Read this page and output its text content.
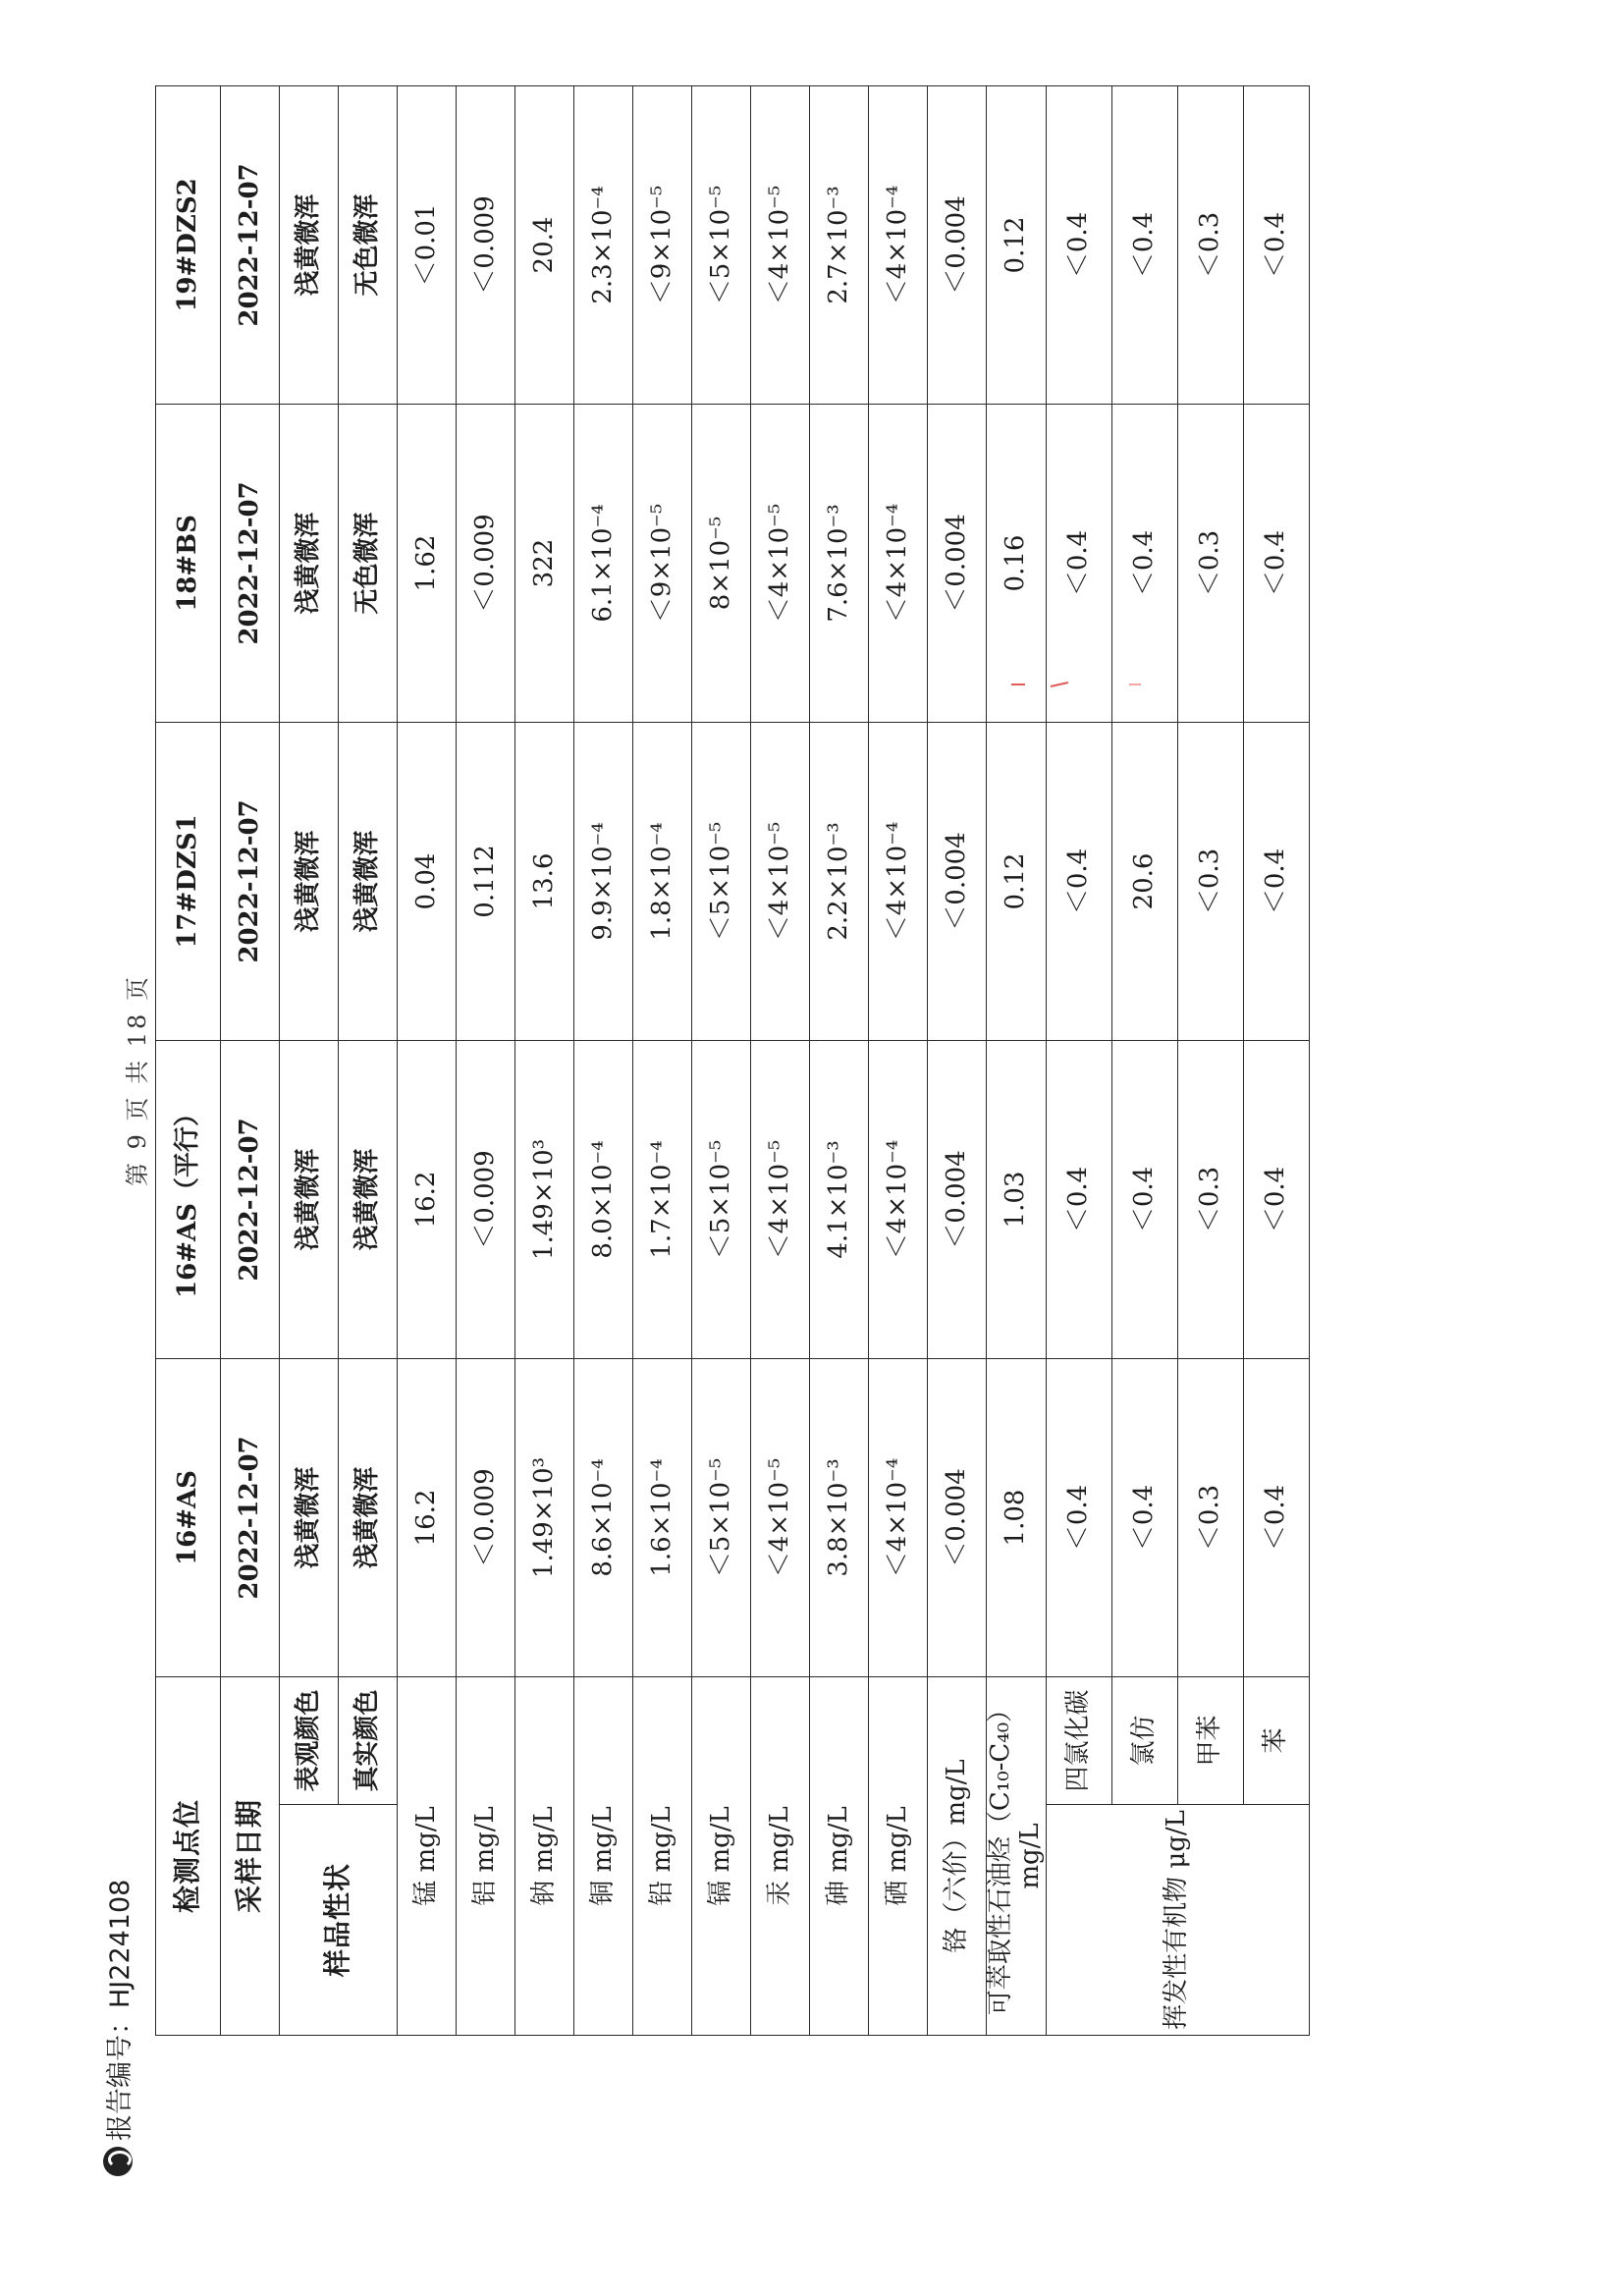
报告编号：HJ224108
第 9 页 共 18 页
检测点位		16#AS	16#AS（平行）	17#DZS1	18#BS	19#DZS2
采样日期		2022-12-07	2022-12-07	2022-12-07	2022-12-07	2022-12-07
样品性状	表观颜色	浅黄微浑	浅黄微浑	浅黄微浑	浅黄微浑	浅黄微浑
	真实颜色	浅黄微浑	浅黄微浑	浅黄微浑	无色微浑	无色微浑
锰 mg/L		16.2	16.2	0.04	1.62	＜0.01
铝 mg/L		＜0.009	＜0.009	0.112	＜0.009	＜0.009
钠 mg/L		1.49×10³	1.49×10³	13.6	322	20.4
铜 mg/L		8.6×10⁻⁴	8.0×10⁻⁴	9.9×10⁻⁴	6.1×10⁻⁴	2.3×10⁻⁴
铅 mg/L		1.6×10⁻⁴	1.7×10⁻⁴	1.8×10⁻⁴	＜9×10⁻⁵	＜9×10⁻⁵
镉 mg/L		＜5×10⁻⁵	＜5×10⁻⁵	＜5×10⁻⁵	8×10⁻⁵	＜5×10⁻⁵
汞 mg/L		＜4×10⁻⁵	＜4×10⁻⁵	＜4×10⁻⁵	＜4×10⁻⁵	＜4×10⁻⁵
砷 mg/L		3.8×10⁻³	4.1×10⁻³	2.2×10⁻³	7.6×10⁻³	2.7×10⁻³
硒 mg/L		＜4×10⁻⁴	＜4×10⁻⁴	＜4×10⁻⁴	＜4×10⁻⁴	＜4×10⁻⁴
铬（六价）mg/L		＜0.004	＜0.004	＜0.004	＜0.004	＜0.004
可萃取性石油烃（C₁₀-C₄₀）mg/L		1.08	1.03	0.12	0.16	0.12
挥发性有机物 μg/L	四氯化碳	＜0.4	＜0.4	＜0.4	＜0.4	＜0.4
	氯仿	＜0.4	＜0.4	20.6	＜0.4	＜0.4
	甲苯	＜0.3	＜0.3	＜0.3	＜0.3	＜0.3
	苯	＜0.4	＜0.4	＜0.4	＜0.4	＜0.4
